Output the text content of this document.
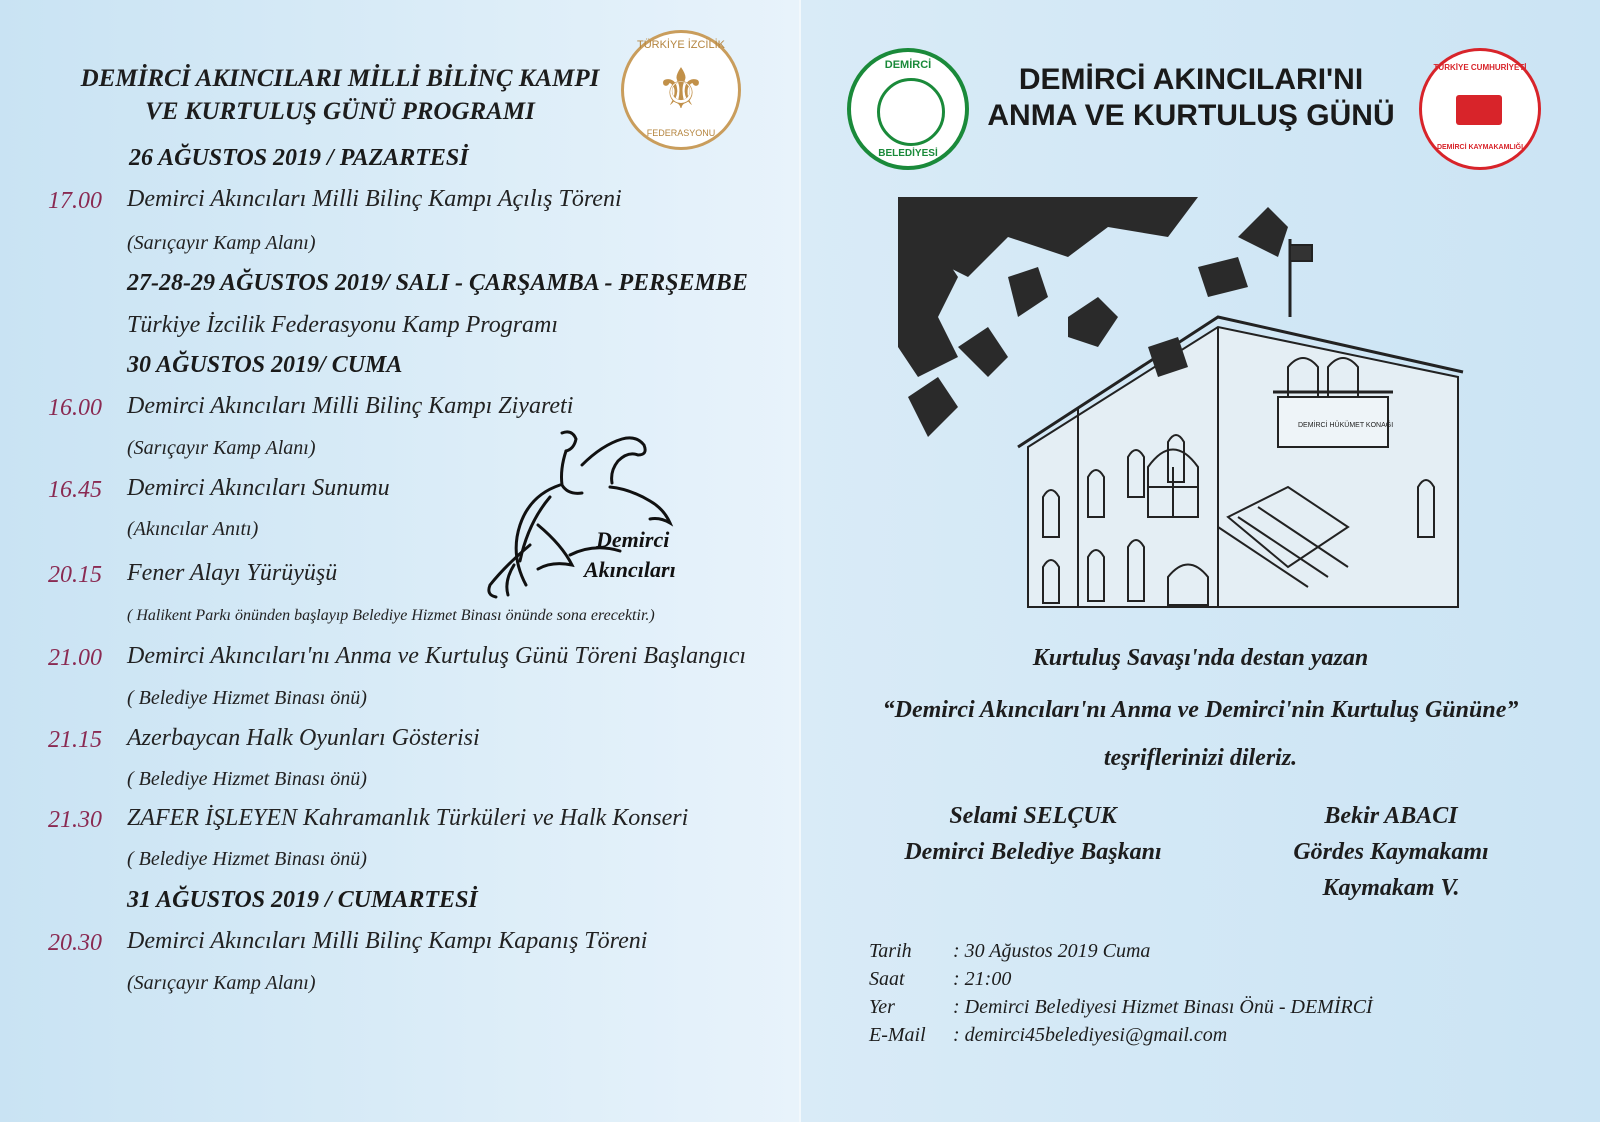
DEMİRCİ AKINCILARI MİLLİ BİLİNÇ KAMPI
VE KURTULUŞ GÜNÜ PROGRAMI
TÜRKİYE İZCİLİK
⚜
FEDERASYONU
26 AĞUSTOS 2019 / PAZARTESİ
17.00 Demirci Akıncıları Milli Bilinç Kampı Açılış Töreni
(Sarıçayır Kamp Alanı)
27-28-29 AĞUSTOS 2019/ SALI - ÇARŞAMBA - PERŞEMBE
Türkiye İzcilik Federasyonu Kamp Programı
30 AĞUSTOS 2019/ CUMA
16.00 Demirci Akıncıları Milli Bilinç Kampı Ziyareti
(Sarıçayır Kamp Alanı)
16.45 Demirci Akıncıları Sunumu
(Akıncılar Anıtı)
20.15 Fener Alayı Yürüyüşü
( Halikent Parkı önünden başlayıp Belediye Hizmet Binası önünde sona erecektir.)
21.00 Demirci Akıncıları'nı Anma ve Kurtuluş Günü Töreni Başlangıcı
( Belediye Hizmet Binası önü)
21.15 Azerbaycan Halk Oyunları Gösterisi
( Belediye Hizmet Binası önü)
21.30 ZAFER İŞLEYEN Kahramanlık Türküleri ve Halk Konseri
( Belediye Hizmet Binası önü)
31 AĞUSTOS 2019 / CUMARTESİ
20.30 Demirci Akıncıları Milli Bilinç Kampı Kapanış Töreni
(Sarıçayır Kamp Alanı)
Demirci
Akıncıları
DEMİRCİ
BELEDİYESİ
DEMİRCİ AKINCILARI'NI
ANMA VE KURTULUŞ GÜNÜ
TÜRKİYE CUMHURİYETİ
DEMİRCİ KAYMAKAMLIĞI
DEMİRCİ HÜKÜMET KONAĞI
Kurtuluş Savaşı'nda destan yazan
“Demirci Akıncıları'nı Anma ve Demirci'nin Kurtuluş Gününe”
teşriflerinizi dileriz.
Selami SELÇUK
Demirci Belediye Başkanı
Bekir ABACI
Gördes Kaymakamı
Kaymakam V.
Tarih : 30 Ağustos 2019 Cuma
Saat : 21:00
Yer	: Demirci Belediyesi Hizmet Binası Önü - DEMİRCİ
E-Mail : demirci45belediyesi@gmail.com
